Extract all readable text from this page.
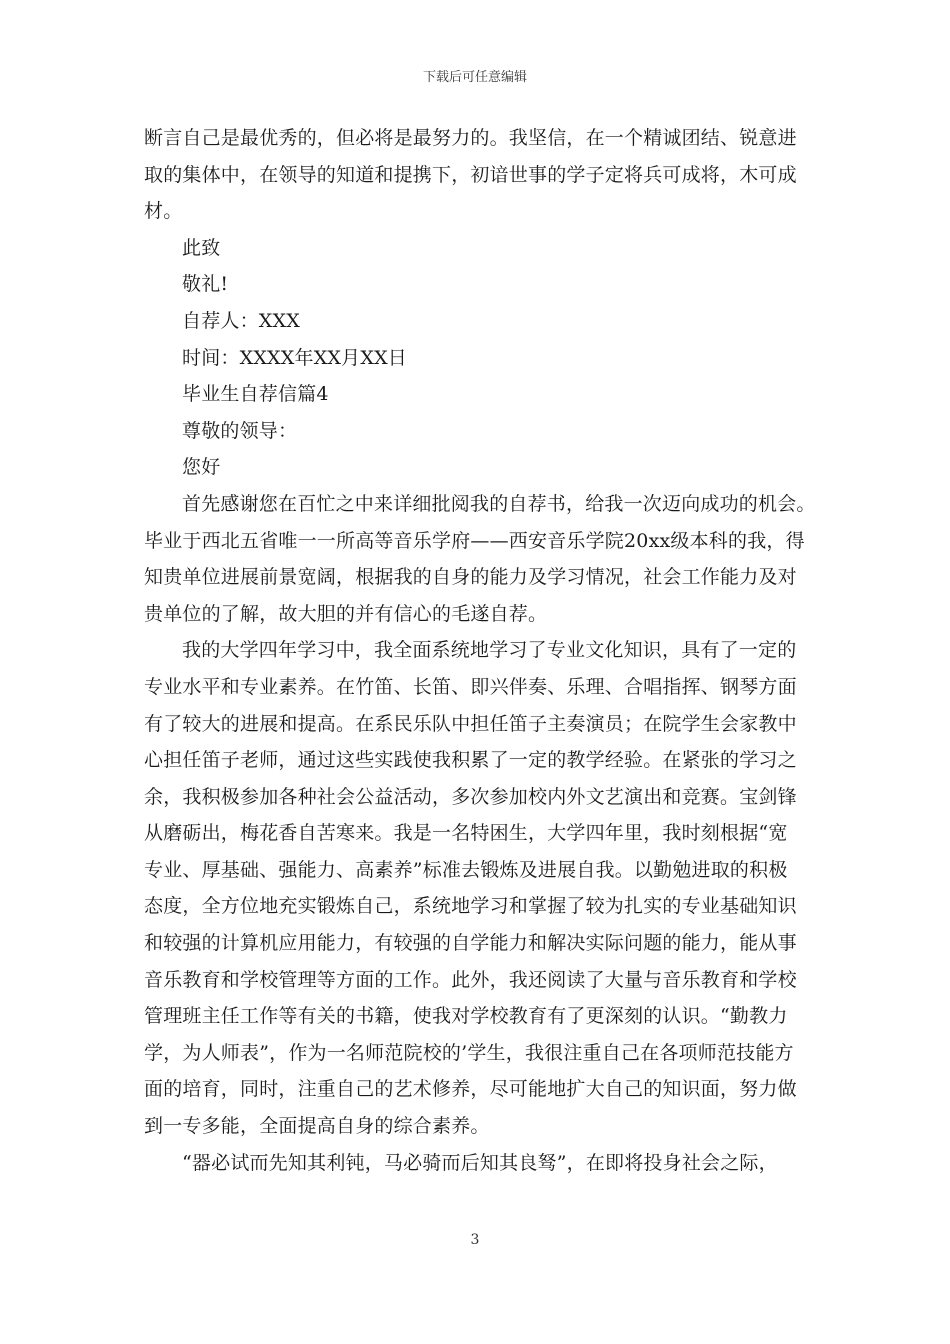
下载后可任意编辑
断言自己是最优秀的，但必将是最努力的。我坚信，在一个精诚团结、锐意进
取的集体中，在领导的知道和提携下，初谙世事的学子定将兵可成将，木可成
材。
此致
敬礼!
自荐人：XXX
时间：XXXX年XX月XX日
毕业生自荐信篇4
尊敬的领导：
您好
首先感谢您在百忙之中来详细批阅我的自荐书，给我一次迈向成功的机会。
毕业于西北五省唯一一所高等音乐学府——西安音乐学院20xx级本科的我，得
知贵单位进展前景宽阔，根据我的自身的能力及学习情况，社会工作能力及对
贵单位的了解，故大胆的并有信心的毛遂自荐。
我的大学四年学习中，我全面系统地学习了专业文化知识，具有了一定的
专业水平和专业素养。在竹笛、长笛、即兴伴奏、乐理、合唱指挥、钢琴方面
有了较大的进展和提高。在系民乐队中担任笛子主奏演员；在院学生会家教中
心担任笛子老师，通过这些实践使我积累了一定的教学经验。在紧张的学习之
余，我积极参加各种社会公益活动，多次参加校内外文艺演出和竞赛。宝剑锋
从磨砺出，梅花香自苦寒来。我是一名特困生，大学四年里，我时刻根据“宽
专业、厚基础、强能力、高素养”标准去锻炼及进展自我。以勤勉进取的积极
态度，全方位地充实锻炼自己，系统地学习和掌握了较为扎实的专业基础知识
和较强的计算机应用能力，有较强的自学能力和解决实际问题的能力，能从事
音乐教育和学校管理等方面的工作。此外，我还阅读了大量与音乐教育和学校
管理班主任工作等有关的书籍，使我对学校教育有了更深刻的认识。“勤教力
学，为人师表”，作为一名师范院校的’学生，我很注重自己在各项师范技能方
面的培育，同时，注重自己的艺术修养，尽可能地扩大自己的知识面，努力做
到一专多能，全面提高自身的综合素养。
“器必试而先知其利钝，马必骑而后知其良驽”，在即将投身社会之际，
3
